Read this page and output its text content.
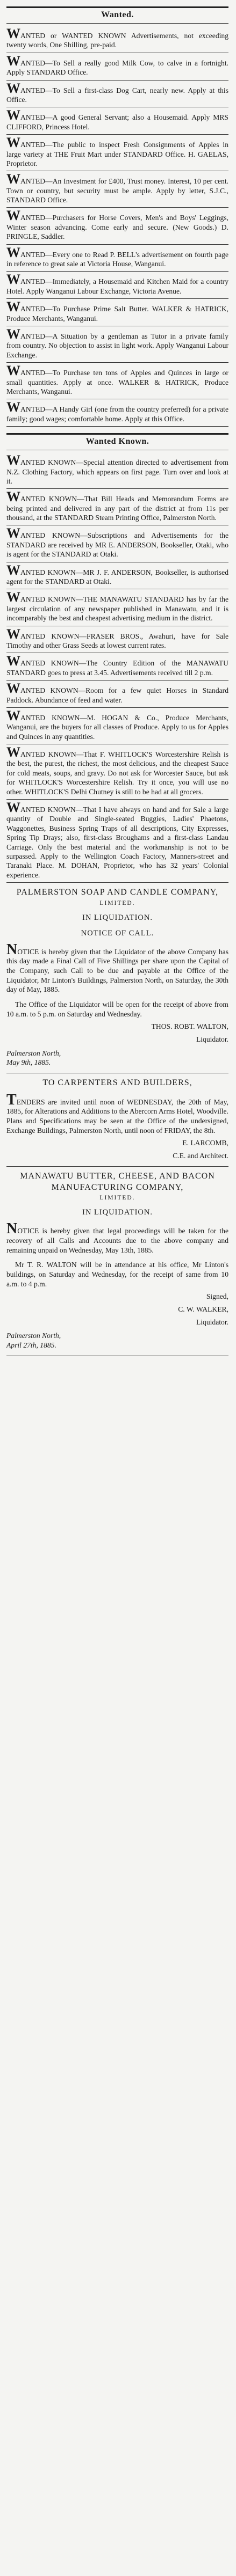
Wanted.

WANTED or WANTED KNOWN Advertisements, not exceeding twenty words, One Shilling, pre-paid.

WANTED—To Sell a really good Milk Cow, to calve in a fortnight. Apply STANDARD Office.

WANTED—To Sell a first-class Dog Cart, nearly new. Apply at this Office.

WANTED—A good General Servant; also a Housemaid. Apply MRS CLIFFORD, Princess Hotel.

WANTED—The public to inspect Fresh Consignments of Apples in large variety at THE Fruit Mart under STANDARD Office. H. GAELAS, Proprietor.

WANTED—An Investment for £400, Trust money. Interest, 10 per cent. Town or country, but security must be ample. Apply by letter, S.J.C., STANDARD Office.

WANTED—Purchasers for Horse Covers, Men's and Boys' Leggings, Winter season advancing. Come early and secure. (New Goods.) D. PRINGLE, Saddler.

WANTED—Every one to Read P. BELL's advertisement on fourth page in reference to great sale at Victoria House, Wanganui.

WANTED—Immediately, a Housemaid and Kitchen Maid for a country Hotel. Apply Wanganui Labour Exchange, Victoria Avenue.

WANTED—To Purchase Prime Salt Butter. WALKER & HATRICK, Produce Merchants, Wanganui.

WANTED—A Situation by a gentleman as Tutor in a private family from country. No objection to assist in light work. Apply Wanganui Labour Exchange.

WANTED—To Purchase ten tons of Apples and Quinces in large or small quantities. Apply at once. WALKER & HATRICK, Produce Merchants, Wanganui.

WANTED—A Handy Girl (one from the country preferred) for a private family; good wages; comfortable home. Apply at this Office.

Wanted Known.

WANTED KNOWN—Special attention directed to advertisement from N.Z. Clothing Factory, which appears on first page. Turn over and look at it.

WANTED KNOWN—That Bill Heads and Memorandum Forms are being printed and delivered in any part of the district at from 11s per thousand, at the STANDARD Steam Printing Office, Palmerston North.

WANTED KNOWN—Subscriptions and Advertisements for the STANDARD are received by MR E. ANDERSON, Bookseller, Otaki, who is agent for the STANDARD at Otaki.

WANTED KNOWN—MR J. F. ANDERSON, Bookseller, is authorised agent for the STANDARD at Otaki.

WANTED KNOWN—THE MANAWATU STANDARD has by far the largest circulation of any newspaper published in Manawatu, and it is incomparably the best and cheapest advertising medium in the district.

WANTED KNOWN—FRASER BROS., Awahuri, have for Sale Timothy and other Grass Seeds at lowest current rates.

WANTED KNOWN—The Country Edition of the MANAWATU STANDARD goes to press at 3.45. Advertisements received till 2 p.m.

WANTED KNOWN—Room for a few quiet Horses in Standard Paddock. Abundance of feed and water.

WANTED KNOWN—M. HOGAN & Co., Produce Merchants, Wanganui, are the buyers for all classes of Produce. Apply to us for Apples and Quinces in any quantities.

WANTED KNOWN—That F. WHITLOCK'S Worcestershire Relish is the best, the purest, the richest, the most delicious, and the cheapest Sauce for cold meats, soups, and gravy. Do not ask for Worcester Sauce, but ask for WHITLOCK'S Worcestershire Relish. Try it once, you will use no other. WHITLOCK'S Delhi Chutney is still to be had at all grocers.

WANTED KNOWN—That I have always on hand and for Sale a large quantity of Double and Single-seated Buggies, Ladies' Phaetons, Waggonettes, Business Spring Traps of all descriptions, City Expresses, Spring Tip Drays; also, first-class Broughams and a first-class Landau Carriage. Only the best material and the workmanship is not to be surpassed. Apply to the Wellington Coach Factory, Manners-street and Taranaki Place. M. DOHAN, Proprietor, who has 32 years' Colonial experience.

PALMERSTON SOAP AND CANDLE COMPANY,
LIMITED.
IN LIQUIDATION.
NOTICE OF CALL.
NOTICE is hereby given that the Liquidator of the above Company has this day made a Final Call of Five Shillings per share upon the Capital of the Company, such Call to be due and payable at the Office of the Liquidator, Mr Linton's Buildings, Palmerston North, on Saturday, the 30th day of May, 1885.
The Office of the Liquidator will be open for the receipt of above from 10 a.m. to 5 p.m. on Saturday and Wednesday.
THOS. ROBT. WALTON,
Liquidator.
Palmerston North,
May 9th, 1885.
TO CARPENTERS AND BUILDERS,
TENDERS are invited until noon of WEDNESDAY, the 20th of May, 1885, for Alterations and Additions to the Abercorn Arms Hotel, Woodville. Plans and Specifications may be seen at the Office of the undersigned, Exchange Buildings, Palmerston North, until noon of FRIDAY, the 8th.
E. LARCOMB,
C.E. and Architect.
MANAWATU BUTTER, CHEESE, AND BACON MANUFACTURING COMPANY,
LIMITED.
IN LIQUIDATION.
NOTICE is hereby given that legal proceedings will be taken for the recovery of all Calls and Accounts due to the above company and remaining unpaid on Wednesday, May 13th, 1885.
Mr T. R. WALTON will be in attendance at his office, Mr Linton's buildings, on Saturday and Wednesday, for the receipt of same from 10 a.m. to 4 p.m.
Signed,
C. W. WALKER,
Liquidator.
Palmerston North,
April 27th, 1885.
